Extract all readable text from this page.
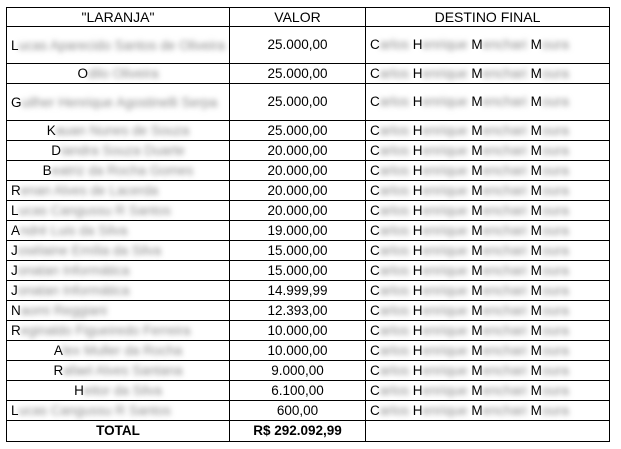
"LARANJA"	VALOR	DESTINO FINAL
Lucas Aparecido Santos de Oliveira	25.000,00	Carlos Henrique Menchari Moura
Odilo Oliveira	25.000,00	Carlos Henrique Menchari Moura
Guilher Henrique Agostinelli Serpa	25.000,00	Carlos Henrique Menchari Moura
Kauan Nunes de Souza	25.000,00	Carlos Henrique Menchari Moura
Diandra Souza Duarte	20.000,00	Carlos Henrique Menchari Moura
Beatriz da Rocha Gomes	20.000,00	Carlos Henrique Menchari Moura
Renan Alves de Lacerda	20.000,00	Carlos Henrique Menchari Moura
Lucas Cangussu R Santos	20.000,00	Carlos Henrique Menchari Moura
André Luis da Silva	19.000,00	Carlos Henrique Menchari Moura
Josélaine Emília da Silva	15.000,00	Carlos Henrique Menchari Moura
Jonatan Informática	15.000,00	Carlos Henrique Menchari Moura
Jonatan Informática	14.999,99	Carlos Henrique Menchari Moura
Naomi Reggiani	12.393,00	Carlos Henrique Menchari Moura
Reginaldo Figueiredo Ferreira	10.000,00	Carlos Henrique Menchari Moura
Alex Muller da Rocha	10.000,00	Carlos Henrique Menchari Moura
Rafael Alves Santana	9.000,00	Carlos Henrique Menchari Moura
Heitor da Silva	6.100,00	Carlos Henrique Menchari Moura
Lucas Cangussu R Santos	600,00	Carlos Henrique Menchari Moura
TOTAL	R$ 292.092,99	
